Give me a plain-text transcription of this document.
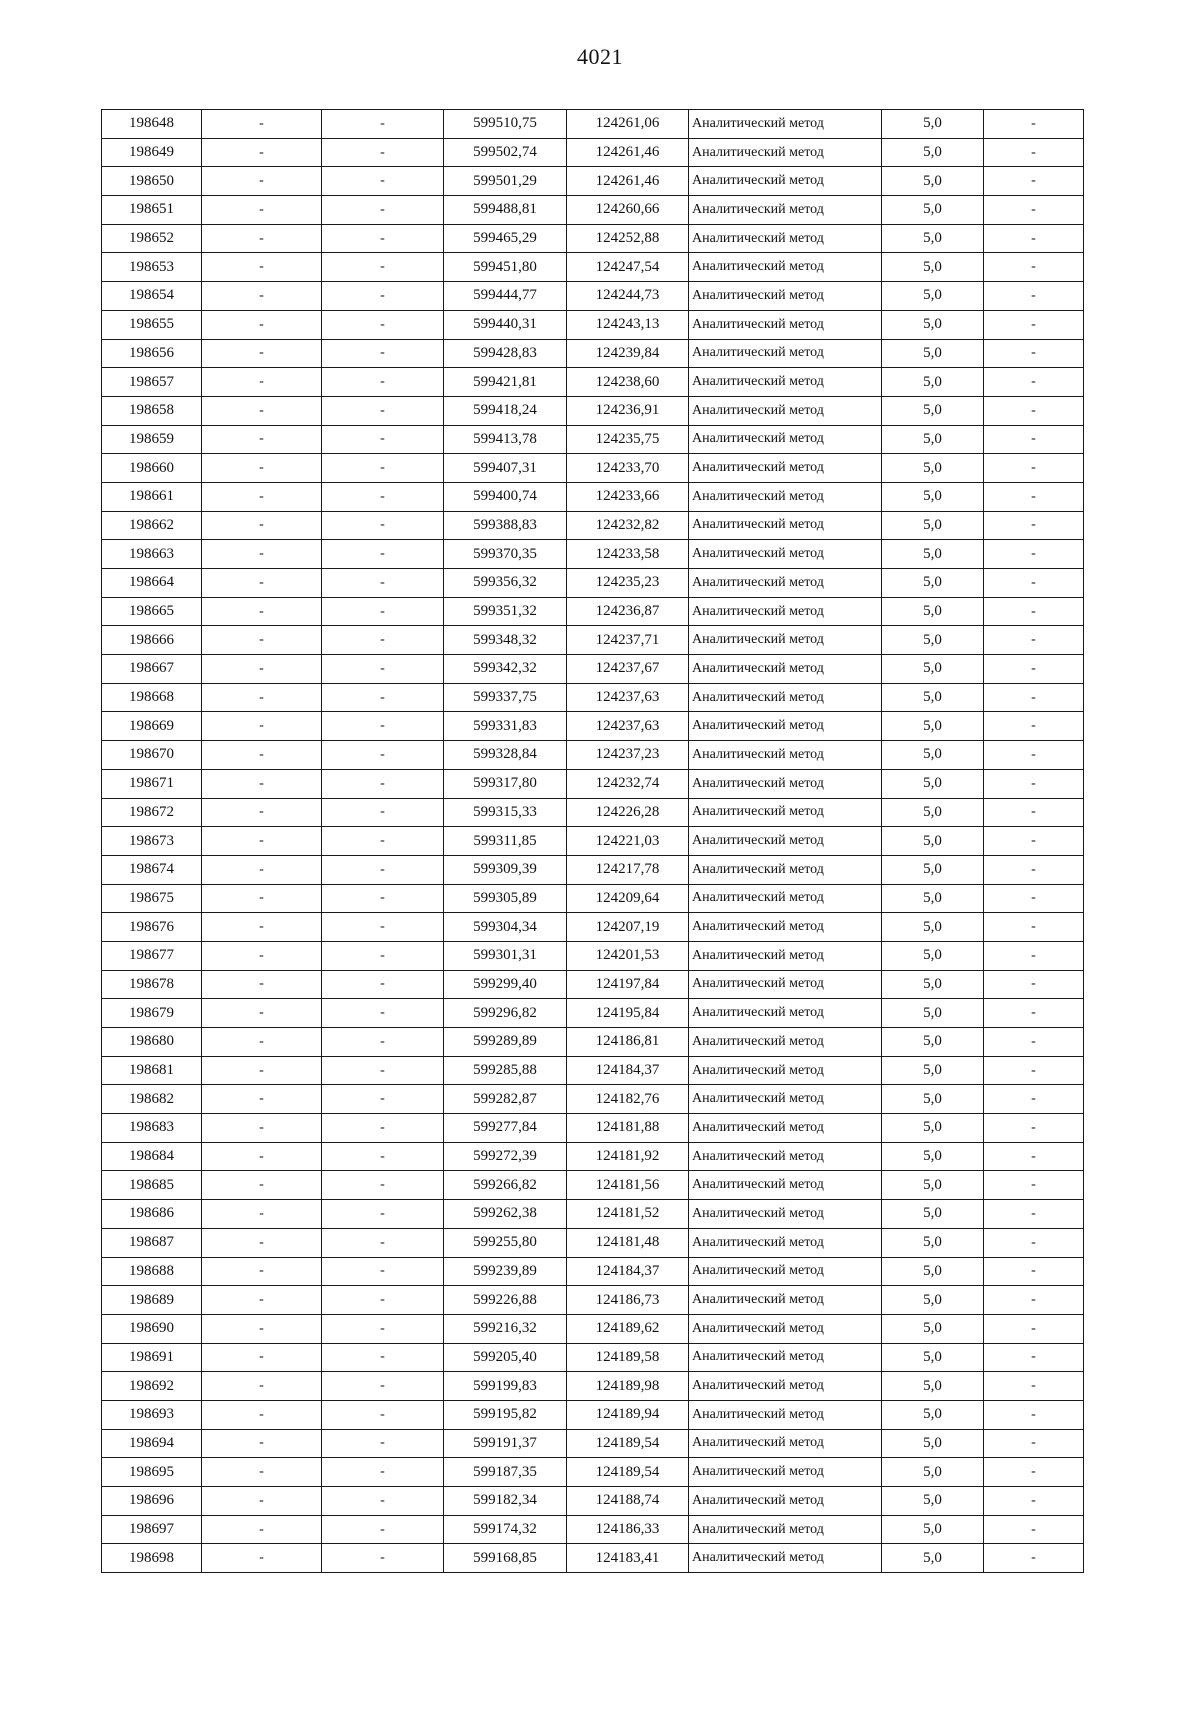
4021
198648	-	-	599510,75	124261,06	Аналитический метод	5,0	-
198649	-	-	599502,74	124261,46	Аналитический метод	5,0	-
198650	-	-	599501,29	124261,46	Аналитический метод	5,0	-
198651	-	-	599488,81	124260,66	Аналитический метод	5,0	-
198652	-	-	599465,29	124252,88	Аналитический метод	5,0	-
198653	-	-	599451,80	124247,54	Аналитический метод	5,0	-
198654	-	-	599444,77	124244,73	Аналитический метод	5,0	-
198655	-	-	599440,31	124243,13	Аналитический метод	5,0	-
198656	-	-	599428,83	124239,84	Аналитический метод	5,0	-
198657	-	-	599421,81	124238,60	Аналитический метод	5,0	-
198658	-	-	599418,24	124236,91	Аналитический метод	5,0	-
198659	-	-	599413,78	124235,75	Аналитический метод	5,0	-
198660	-	-	599407,31	124233,70	Аналитический метод	5,0	-
198661	-	-	599400,74	124233,66	Аналитический метод	5,0	-
198662	-	-	599388,83	124232,82	Аналитический метод	5,0	-
198663	-	-	599370,35	124233,58	Аналитический метод	5,0	-
198664	-	-	599356,32	124235,23	Аналитический метод	5,0	-
198665	-	-	599351,32	124236,87	Аналитический метод	5,0	-
198666	-	-	599348,32	124237,71	Аналитический метод	5,0	-
198667	-	-	599342,32	124237,67	Аналитический метод	5,0	-
198668	-	-	599337,75	124237,63	Аналитический метод	5,0	-
198669	-	-	599331,83	124237,63	Аналитический метод	5,0	-
198670	-	-	599328,84	124237,23	Аналитический метод	5,0	-
198671	-	-	599317,80	124232,74	Аналитический метод	5,0	-
198672	-	-	599315,33	124226,28	Аналитический метод	5,0	-
198673	-	-	599311,85	124221,03	Аналитический метод	5,0	-
198674	-	-	599309,39	124217,78	Аналитический метод	5,0	-
198675	-	-	599305,89	124209,64	Аналитический метод	5,0	-
198676	-	-	599304,34	124207,19	Аналитический метод	5,0	-
198677	-	-	599301,31	124201,53	Аналитический метод	5,0	-
198678	-	-	599299,40	124197,84	Аналитический метод	5,0	-
198679	-	-	599296,82	124195,84	Аналитический метод	5,0	-
198680	-	-	599289,89	124186,81	Аналитический метод	5,0	-
198681	-	-	599285,88	124184,37	Аналитический метод	5,0	-
198682	-	-	599282,87	124182,76	Аналитический метод	5,0	-
198683	-	-	599277,84	124181,88	Аналитический метод	5,0	-
198684	-	-	599272,39	124181,92	Аналитический метод	5,0	-
198685	-	-	599266,82	124181,56	Аналитический метод	5,0	-
198686	-	-	599262,38	124181,52	Аналитический метод	5,0	-
198687	-	-	599255,80	124181,48	Аналитический метод	5,0	-
198688	-	-	599239,89	124184,37	Аналитический метод	5,0	-
198689	-	-	599226,88	124186,73	Аналитический метод	5,0	-
198690	-	-	599216,32	124189,62	Аналитический метод	5,0	-
198691	-	-	599205,40	124189,58	Аналитический метод	5,0	-
198692	-	-	599199,83	124189,98	Аналитический метод	5,0	-
198693	-	-	599195,82	124189,94	Аналитический метод	5,0	-
198694	-	-	599191,37	124189,54	Аналитический метод	5,0	-
198695	-	-	599187,35	124189,54	Аналитический метод	5,0	-
198696	-	-	599182,34	124188,74	Аналитический метод	5,0	-
198697	-	-	599174,32	124186,33	Аналитический метод	5,0	-
198698	-	-	599168,85	124183,41	Аналитический метод	5,0	-
